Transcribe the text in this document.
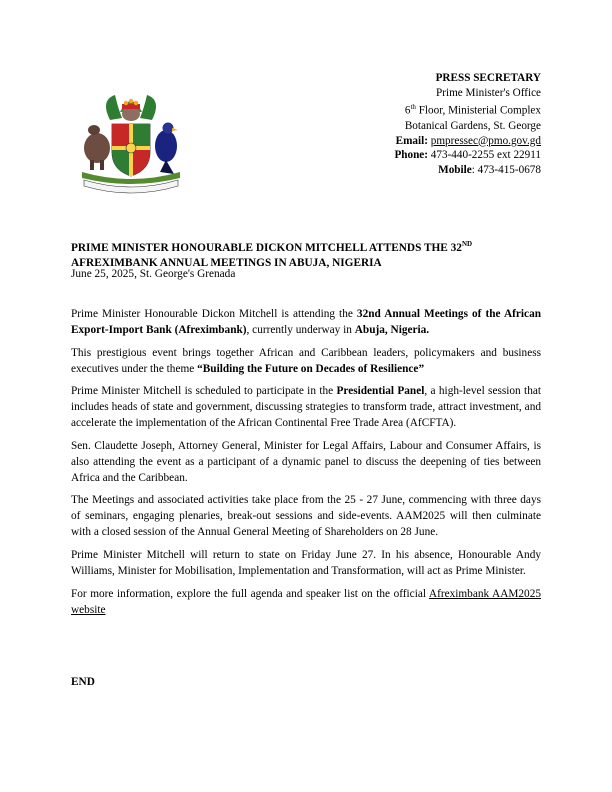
PRESS SECRETARY
Prime Minister's Office
6th Floor, Ministerial Complex
Botanical Gardens, St. George
Email: pmpressec@pmo.gov.gd
Phone: 473-440-2255 ext 22911
Mobile: 473-415-0678
PRIME MINISTER HONOURABLE DICKON MITCHELL ATTENDS THE 32ND
AFREXIMBANK ANNUAL MEETINGS IN ABUJA, NIGERIA
June 25, 2025, St. George's Grenada

Prime Minister Honourable Dickon Mitchell is attending the 32nd Annual Meetings of the African Export-Import Bank (Afreximbank), currently underway in Abuja, Nigeria.

This prestigious event brings together African and Caribbean leaders, policymakers and business executives under the theme “Building the Future on Decades of Resilience”

Prime Minister Mitchell is scheduled to participate in the Presidential Panel, a high-level session that includes heads of state and government, discussing strategies to transform trade, attract investment, and accelerate the implementation of the African Continental Free Trade Area (AfCFTA).

Sen. Claudette Joseph, Attorney General, Minister for Legal Affairs, Labour and Consumer Affairs, is also attending the event as a participant of a dynamic panel to discuss the deepening of ties between Africa and the Caribbean.

The Meetings and associated activities take place from the 25 - 27 June, commencing with three days of seminars, engaging plenaries, break-out sessions and side-events. AAM2025 will then culminate with a closed session of the Annual General Meeting of Shareholders on 28 June.

Prime Minister Mitchell will return to state on Friday June 27. In his absence, Honourable Andy Williams, Minister for Mobilisation, Implementation and Transformation, will act as Prime Minister.

For more information, explore the full agenda and speaker list on the official Afreximbank AAM2025 website

END
